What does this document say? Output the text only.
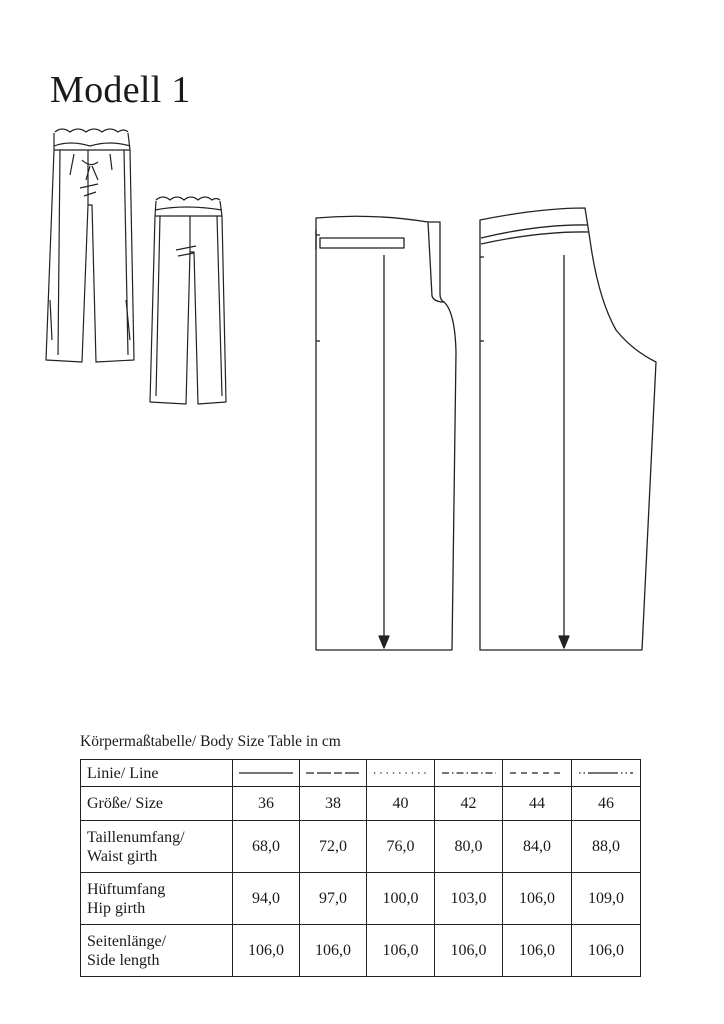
Modell 1
Körpermaßtabelle/ Body Size Table in cm
Linie/ Line	

Größe/ Size	36	38	40	42	44	46

Taillenumfang/
Waist girth	68,0	72,0	76,0	80,0	84,0	88,0

Hüftumfang
Hip girth	94,0	97,0	100,0	103,0	106,0	109,0

Seitenlänge/
Side length	106,0	106,0	106,0	106,0	106,0	106,0
